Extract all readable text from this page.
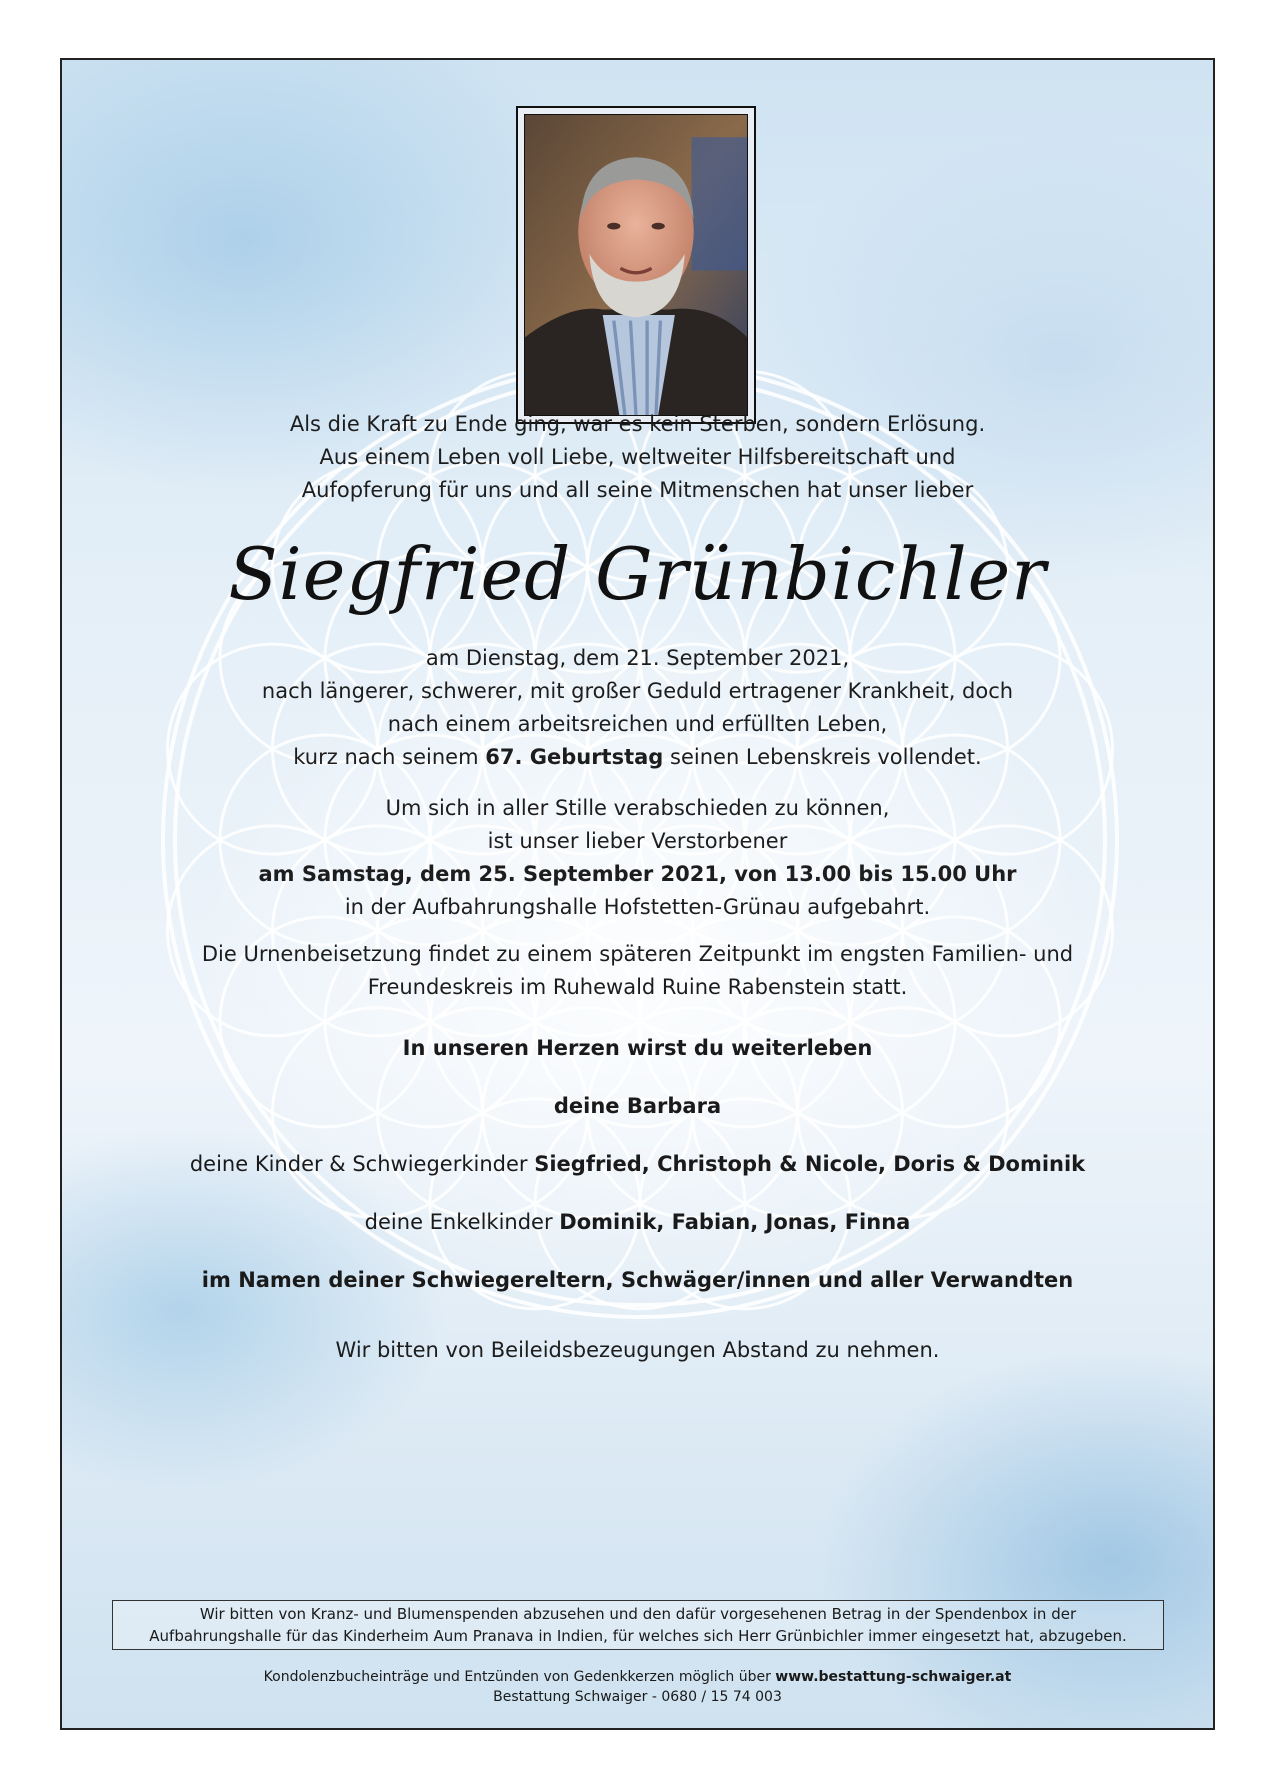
Als die Kraft zu Ende ging, war es kein Sterben, sondern Erlösung.

Aus einem Leben voll Liebe, weltweiter Hilfsbereitschaft und

Aufopferung für uns und all seine Mitmenschen hat unser lieber

Siegfried Grünbichler

am Dienstag, dem 21. September 2021,

nach längerer, schwerer, mit großer Geduld ertragener Krankheit, doch

nach einem arbeitsreichen und erfüllten Leben,

kurz nach seinem 67. Geburtstag seinen Lebenskreis vollendet.

Um sich in aller Stille verabschieden zu können,

ist unser lieber Verstorbener

am Samstag, dem 25. September 2021, von 13.00 bis 15.00 Uhr

in der Aufbahrungshalle Hofstetten-Grünau aufgebahrt.

Die Urnenbeisetzung findet zu einem späteren Zeitpunkt im engsten Familien- und

Freundeskreis im Ruhewald Ruine Rabenstein statt.

In unseren Herzen wirst du weiterleben

deine Barbara

deine Kinder & Schwiegerkinder Siegfried, Christoph & Nicole, Doris & Dominik

deine Enkelkinder Dominik, Fabian, Jonas, Finna

im Namen deiner Schwiegereltern, Schwäger/innen und aller Verwandten

Wir bitten von Beileidsbezeugungen Abstand zu nehmen.

Wir bitten von Kranz- und Blumenspenden abzusehen und den dafür vorgesehenen Betrag in der Spendenbox in der
Aufbahrungshalle für das Kinderheim Aum Pranava in Indien, für welches sich Herr Grünbichler immer eingesetzt hat, abzugeben.
Kondolenzbucheinträge und Entzünden von Gedenkkerzen möglich über www.bestattung-schwaiger.at
Bestattung Schwaiger - 0680 / 15 74 003
